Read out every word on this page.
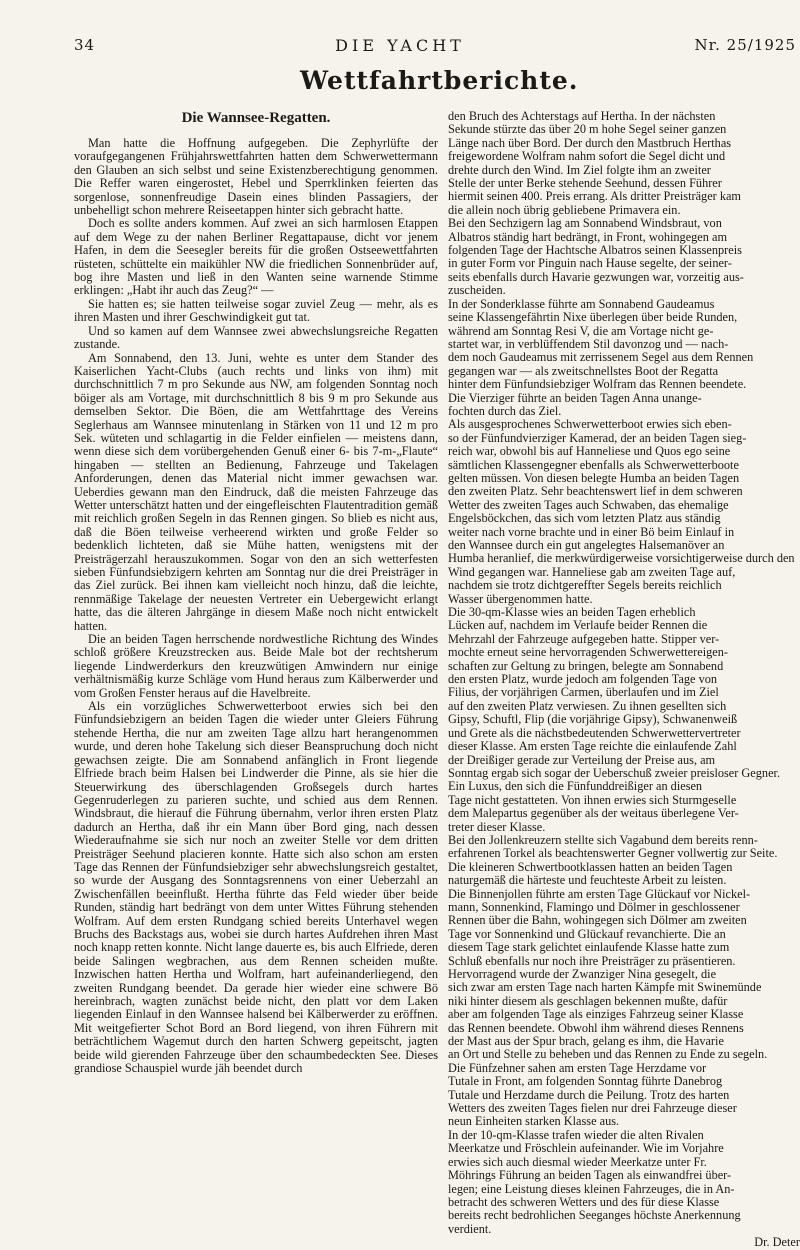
34	DIE YACHT	Nr. 25/1925
Wettfahrtberichte.
Die Wannsee-Regatten.

Man hatte die Hoffnung aufgegeben. Die Zephyrlüfte der voraufgegangenen Frühjahrswettfahrten hatten dem Schwerwettermann den Glauben an sich selbst und seine Existenzberechtigung genommen. Die Reffer waren eingerostet, Hebel und Sperrklinken feierten das sorgenlose, sonnenfreudige Dasein eines blinden Passagiers, der unbehelligt schon mehrere Reiseetappen hinter sich gebracht hatte.

Doch es sollte anders kommen. Auf zwei an sich harmlosen Etappen auf dem Wege zu der nahen Berliner Regattapause, dicht vor jenem Hafen, in dem die Seesegler bereits für die großen Ostseewettfahrten rüsteten, schüttelte ein maikühler NW die friedlichen Sonnenbrüder auf, bog ihre Masten und ließ in den Wanten seine warnende Stimme erklingen: „Habt ihr auch das Zeug?“ —

Sie hatten es; sie hatten teilweise sogar zuviel Zeug — mehr, als es ihren Masten und ihrer Geschwindigkeit gut tat.

Und so kamen auf dem Wannsee zwei abwechslungsreiche Regatten zustande.

Am Sonnabend, den 13. Juni, wehte es unter dem Stander des Kaiserlichen Yacht-Clubs (auch rechts und links von ihm) mit durchschnittlich 7 m pro Sekunde aus NW, am folgenden Sonntag noch böiger als am Vortage, mit durchschnittlich 8 bis 9 m pro Sekunde aus demselben Sektor. Die Böen, die am Wettfahrttage des Vereins Seglerhaus am Wannsee minutenlang in Stärken von 11 und 12 m pro Sek. wüteten und schlagartig in die Felder einfielen — meistens dann, wenn diese sich dem vorübergehenden Genuß einer 6- bis 7-m-„Flaute“ hingaben — stellten an Bedienung, Fahrzeuge und Takelagen Anforderungen, denen das Material nicht immer gewachsen war. Ueberdies gewann man den Eindruck, daß die meisten Fahrzeuge das Wetter unterschätzt hatten und der eingefleischten Flautentradition gemäß mit reichlich großen Segeln in das Rennen gingen. So blieb es nicht aus, daß die Böen teilweise verheerend wirkten und große Felder so bedenklich lichteten, daß sie Mühe hatten, wenigstens mit der Preisträgerzahl herauszukommen. Sogar von den an sich wetterfesten sieben Fünfundsiebzigern kehrten am Sonntag nur die drei Preisträger in das Ziel zurück. Bei ihnen kam vielleicht noch hinzu, daß die leichte, rennmäßige Takelage der neuesten Vertreter ein Uebergewicht erlangt hatte, das die älteren Jahrgänge in diesem Maße noch nicht entwickelt hatten.

Die an beiden Tagen herrschende nordwestliche Richtung des Windes schloß größere Kreuzstrecken aus. Beide Male bot der rechtsherum liegende Lindwerderkurs den kreuzwütigen Amwindern nur einige verhältnismäßig kurze Schläge vom Hund heraus zum Kälberwerder und vom Großen Fenster heraus auf die Havelbreite.

Als ein vorzügliches Schwerwetterboot erwies sich bei den Fünfundsiebzigern an beiden Tagen die wieder unter Gleiers Führung stehende Hertha, die nur am zweiten Tage allzu hart herangenommen wurde, und deren hohe Takelung sich dieser Beanspruchung doch nicht gewachsen zeigte. Die am Sonnabend anfänglich in Front liegende Elfriede brach beim Halsen bei Lindwerder die Pinne, als sie hier die Steuerwirkung des überschlagenden Großsegels durch hartes Gegenruderlegen zu parieren suchte, und schied aus dem Rennen. Windsbraut, die hierauf die Führung übernahm, verlor ihren ersten Platz dadurch an Hertha, daß ihr ein Mann über Bord ging, nach dessen Wiederaufnahme sie sich nur noch an zweiter Stelle vor dem dritten Preisträger Seehund placieren konnte. Hatte sich also schon am ersten Tage das Rennen der Fünfundsiebziger sehr abwechslungsreich gestaltet, so wurde der Ausgang des Sonntagsrennens von einer Ueberzahl an Zwischenfällen beeinflußt. Hertha führte das Feld wieder über beide Runden, ständig hart bedrängt von dem unter Wittes Führung stehenden Wolfram. Auf dem ersten Rundgang schied bereits Unterhavel wegen Bruchs des Backstags aus, wobei sie durch hartes Aufdrehen ihren Mast noch knapp retten konnte. Nicht lange dauerte es, bis auch Elfriede, deren beide Salingen wegbrachen, aus dem Rennen scheiden mußte. Inzwischen hatten Hertha und Wolfram, hart aufeinanderliegend, den zweiten Rundgang beendet. Da gerade hier wieder eine schwere Bö hereinbrach, wagten zunächst beide nicht, den platt vor dem Laken liegenden Einlauf in den Wannsee halsend bei Kälberwerder zu eröffnen. Mit weitgefierter Schot Bord an Bord liegend, von ihren Führern mit beträchtlichem Wagemut durch den harten Schwerg gepeitscht, jagten beide wild gierenden Fahrzeuge über den schaumbedeckten See. Dieses grandiose Schauspiel wurde jäh beendet durch

den Bruch des Achterstags auf Hertha. In der nächsten
Sekunde stürzte das über 20 m hohe Segel seiner ganzen
Länge nach über Bord. Der durch den Mastbruch Herthas
freigewordene Wolfram nahm sofort die Segel dicht und
drehte durch den Wind. Im Ziel folgte ihm an zweiter
Stelle der unter Berke stehende Seehund, dessen Führer
hiermit seinen 400. Preis errang. Als dritter Preisträger kam
die allein noch übrig gebliebene Primavera ein.
Bei den Sechzigern lag am Sonnabend Windsbraut, von
Albatros ständig hart bedrängt, in Front, wohingegen am
folgenden Tage der Hachtsche Albatros seinen Klassenpreis
in guter Form vor Pinguin nach Hause segelte, der seiner-
seits ebenfalls durch Havarie gezwungen war, vorzeitig aus-
zuscheiden.
In der Sonderklasse führte am Sonnabend Gaudeamus
seine Klassengefährtin Nixe überlegen über beide Runden,
während am Sonntag Resi V, die am Vortage nicht ge-
startet war, in verblüffendem Stil davonzog und — nach-
dem noch Gaudeamus mit zerrissenem Segel aus dem Rennen
gegangen war — als zweitschnellstes Boot der Regatta
hinter dem Fünfundsiebziger Wolfram das Rennen beendete.
Die Vierziger führte an beiden Tagen Anna unange-
fochten durch das Ziel.
Als ausgesprochenes Schwerwetterboot erwies sich eben-
so der Fünfundvierziger Kamerad, der an beiden Tagen sieg-
reich war, obwohl bis auf Hanneliese und Quos ego seine
sämtlichen Klassengegner ebenfalls als Schwerwetterboote
gelten müssen. Von diesen belegte Humba an beiden Tagen
den zweiten Platz. Sehr beachtenswert lief in dem schweren
Wetter des zweiten Tages auch Schwaben, das ehemalige
Engelsböckchen, das sich vom letzten Platz aus ständig
weiter nach vorne brachte und in einer Bö beim Einlauf in
den Wannsee durch ein gut angelegtes Halsemanöver an
Humba heranlief, die merkwürdigerweise vorsichtigerweise durch den
Wind gegangen war. Hanneliese gab am zweiten Tage auf,
nachdem sie trotz dichtgereffter Segels bereits reichlich
Wasser übergenommen hatte.
Die 30-qm-Klasse wies an beiden Tagen erheblich
Lücken auf, nachdem im Verlaufe beider Rennen die
Mehrzahl der Fahrzeuge aufgegeben hatte. Stipper ver-
mochte erneut seine hervorragenden Schwerwettereigen-
schaften zur Geltung zu bringen, belegte am Sonnabend
den ersten Platz, wurde jedoch am folgenden Tage von
Filius, der vorjährigen Carmen, überlaufen und im Ziel
auf den zweiten Platz verwiesen. Zu ihnen gesellten sich
Gipsy, Schuftl, Flip (die vorjährige Gipsy), Schwanenweiß
und Grete als die nächstbedeutenden Schwerwettervertreter
dieser Klasse. Am ersten Tage reichte die einlaufende Zahl
der Dreißiger gerade zur Verteilung der Preise aus, am
Sonntag ergab sich sogar der Ueberschuß zweier preisloser Gegner.
Ein Luxus, den sich die Fünfunddreißiger an diesen
Tage nicht gestatteten. Von ihnen erwies sich Sturmgeselle
dem Malepartus gegenüber als der weitaus überlegene Ver-
treter dieser Klasse.
Bei den Jollenkreuzern stellte sich Vagabund dem bereits renn-
erfahrenen Torkel als beachtenswerter Gegner vollwertig zur Seite.
Die kleineren Schwertbootklassen hatten an beiden Tagen
naturgemäß die härteste und feuchteste Arbeit zu leisten.
Die Binnenjollen führte am ersten Tage Glückauf vor Nickel-
mann, Sonnenkind, Flamingo und Dölmer in geschlossener
Rennen über die Bahn, wohingegen sich Dölmer am zweiten
Tage vor Sonnenkind und Glückauf revanchierte. Die an
diesem Tage stark gelichtet einlaufende Klasse hatte zum
Schluß ebenfalls nur noch ihre Preisträger zu präsentieren.
Hervorragend wurde der Zwanziger Nina gesegelt, die
sich zwar am ersten Tage nach harten Kämpfe mit Swinemünde
niki hinter diesem als geschlagen bekennen mußte, dafür
aber am folgenden Tage als einziges Fahrzeug seiner Klasse
das Rennen beendete. Obwohl ihm während dieses Rennens
der Mast aus der Spur brach, gelang es ihm, die Havarie
an Ort und Stelle zu beheben und das Rennen zu Ende zu segeln.
Die Fünfzehner sahen am ersten Tage Herzdame vor
Tutale in Front, am folgenden Sonntag führte Danebrog
Tutale und Herzdame durch die Peilung. Trotz des harten
Wetters des zweiten Tages fielen nur drei Fahrzeuge dieser
neun Einheiten starken Klasse aus.
In der 10-qm-Klasse trafen wieder die alten Rivalen
Meerkatze und Fröschlein aufeinander. Wie im Vorjahre
erwies sich auch diesmal wieder Meerkatze unter Fr.
Möhrings Führung an beiden Tagen als einwandfrei über-
legen; eine Leistung dieses kleinen Fahrzeuges, die in An-
betracht des schweren Wetters und des für diese Klasse
bereits recht bedrohlichen Seeganges höchste Anerkennung
verdient.
Dr. Deter
